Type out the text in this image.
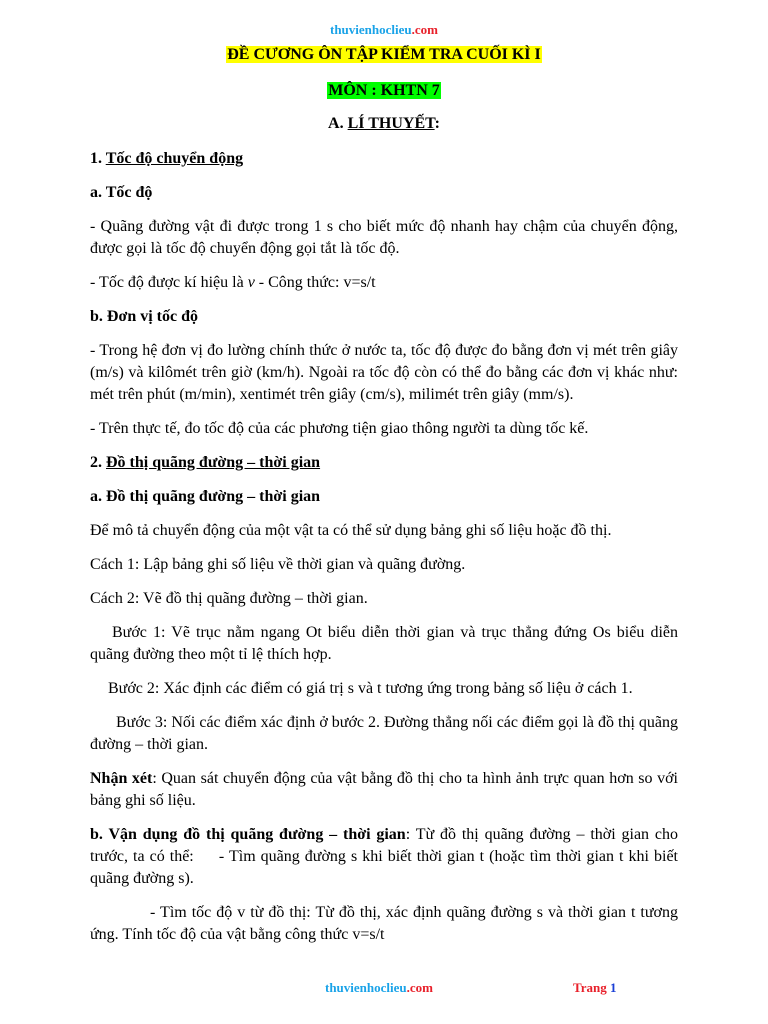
thuvienhoclieu.com
ĐỀ CƯƠNG ÔN TẬP KIỂM TRA CUỐI KÌ I
MÔN : KHTN 7
A. LÍ THUYẾT:

1. Tốc độ chuyển động

a. Tốc độ

- Quãng đường vật đi được trong 1 s cho biết mức độ nhanh hay chậm của chuyển động, được gọi là tốc độ chuyển động gọi tắt là tốc độ.

- Tốc độ được kí hiệu là v - Công thức: v=s/t

b. Đơn vị tốc độ

- Trong hệ đơn vị đo lường chính thức ở nước ta, tốc độ được đo bằng đơn vị mét trên giây (m/s) và kilômét trên giờ (km/h). Ngoài ra tốc độ còn có thể đo bằng các đơn vị khác như: mét trên phút (m/min), xentimét trên giây (cm/s), milimét trên giây (mm/s).

- Trên thực tế, đo tốc độ của các phương tiện giao thông người ta dùng tốc kế.

2. Đồ thị quãng đường – thời gian

a. Đồ thị quãng đường – thời gian

Để mô tả chuyển động của một vật ta có thể sử dụng bảng ghi số liệu hoặc đồ thị.

Cách 1: Lập bảng ghi số liệu về thời gian và quãng đường.

Cách 2: Vẽ đồ thị quãng đường – thời gian.

Bước 1: Vẽ trục nằm ngang Ot biểu diễn thời gian và trục thẳng đứng Os biểu diễn quãng đường theo một tỉ lệ thích hợp.

Bước 2: Xác định các điểm có giá trị s và t tương ứng trong bảng số liệu ở cách 1.

Bước 3: Nối các điểm xác định ở bước 2. Đường thẳng nối các điểm gọi là đồ thị quãng đường – thời gian.

Nhận xét: Quan sát chuyển động của vật bằng đồ thị cho ta hình ảnh trực quan hơn so với bảng ghi số liệu.

b. Vận dụng đồ thị quãng đường – thời gian: Từ đồ thị quãng đường – thời gian cho trước, ta có thể:     - Tìm quãng đường s khi biết thời gian t (hoặc tìm thời gian t khi biết quãng đường s).

- Tìm tốc độ v từ đồ thị: Từ đồ thị, xác định quãng đường s và thời gian t tương ứng. Tính tốc độ của vật bằng công thức v=s/t

thuvienhoclieu.com	Trang 1
